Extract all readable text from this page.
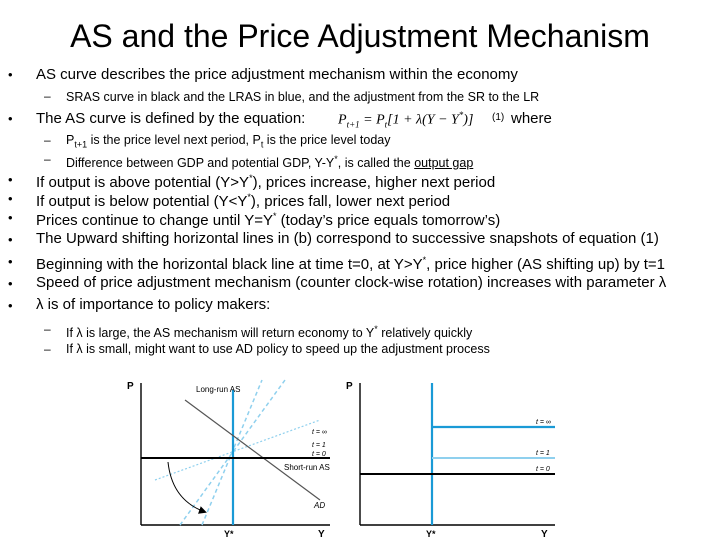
AS and the Price Adjustment Mechanism
• AS curve describes the price adjustment mechanism within the economy
– SRAS curve in black and the LRAS in blue, and the adjustment from the SR to the LR
• The AS curve is defined by the equation: $P_{t+1} = P_t[1 + \lambda(Y - Y^*)]$ (1) where
– $P_{t+1}$ is the price level next period, $P_t$ is the price level today
– Difference between GDP and potential GDP, Y-Y*, is called the output gap
• If output is above potential (Y>Y*), prices increase, higher next period
• If output is below potential (Y<Y*), prices fall, lower next period
• Prices continue to change until Y=Y* (today’s price equals tomorrow’s)
• The Upward shifting horizontal lines in (b) correspond to successive snapshots of equation (1)
• Beginning with the horizontal black line at time t=0, at Y>Y*, price higher (AS shifting up) by t=1
• Speed of price adjustment mechanism (counter clock-wise rotation) increases with parameter λ
• λ is of importance to policy makers:
– If λ is large, the AS mechanism will return economy to Y* relatively quickly
– If λ is small, might want to use AD policy to speed up the adjustment process
P
Y
Y*
Long-run AS
AD
Short-run AS
t = ∞
t = 1
t = 0
P
Y
Y*
t = ∞
t = 1
t = 0
